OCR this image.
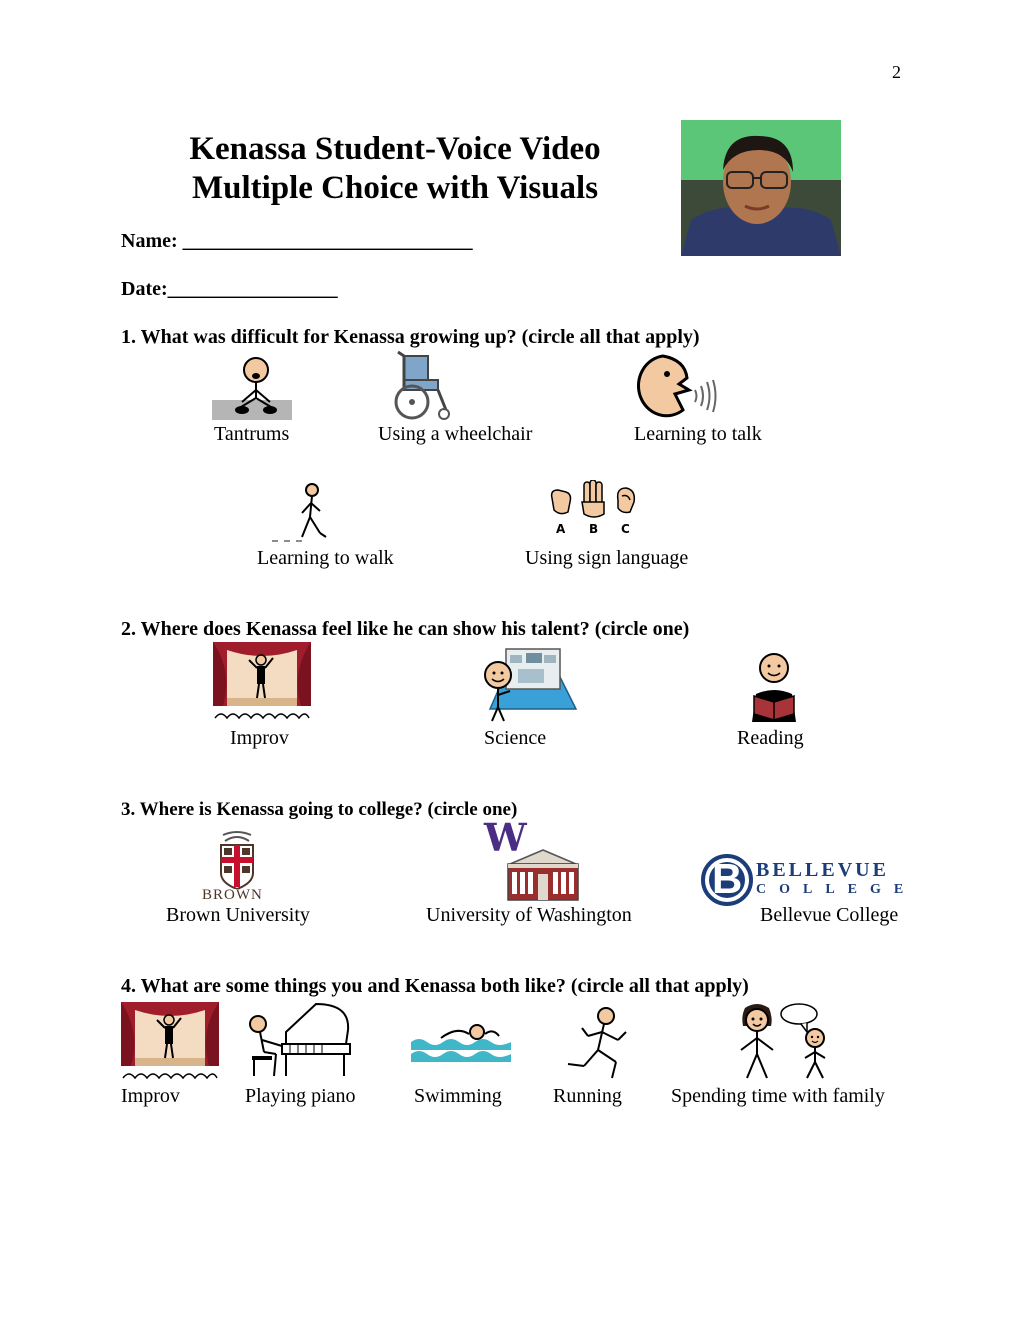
2
Kenassa Student-Voice Video
Multiple Choice with Visuals
Name: _____________________________
Date:_________________
1. What was difficult for Kenassa growing up? (circle all that apply)
Tantrums	Using a wheelchair	Learning to talk
Learning to walk
A B C
Using sign language
2. Where does Kenassa feel like he can show his talent? (circle one)
Improv	Science	Reading
3. Where is Kenassa going to college? (circle one)
BROWN
Brown University
W
University of Washington
B BELLEVUE
COLLEGE
Bellevue College
4. What are some things you and Kenassa both like? (circle all that apply)
Improv	Playing piano	Swimming	Running Spending time with family
